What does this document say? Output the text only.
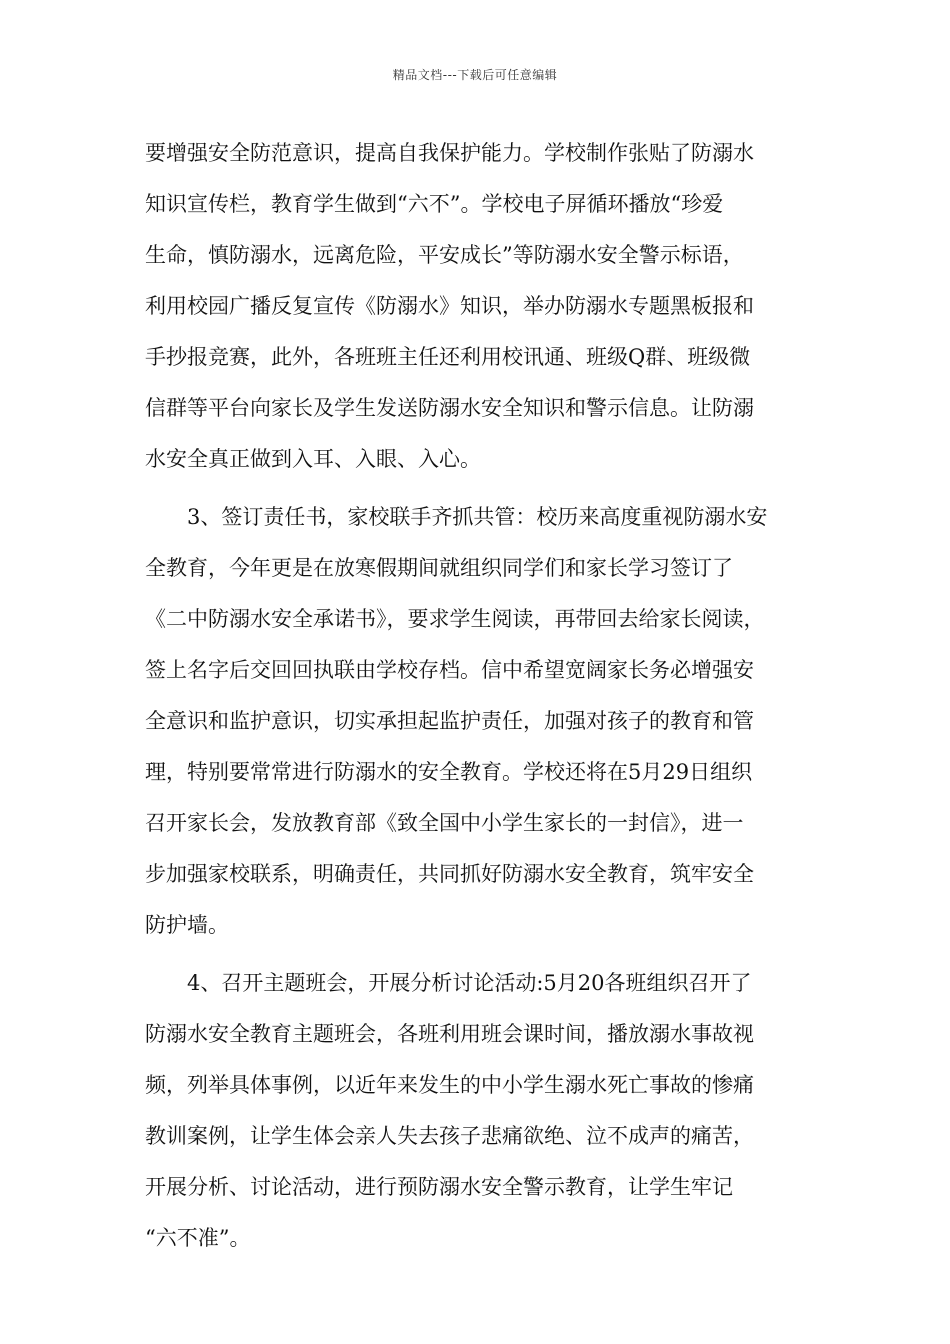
精品文档---下载后可任意编辑
要增强安全防范意识，提高自我保护能力。学校制作张贴了防溺水
知识宣传栏，教育学生做到“六不”。学校电子屏循环播放“珍爱
生命，慎防溺水，远离危险，平安成长”等防溺水安全警示标语，
利用校园广播反复宣传《防溺水》知识，举办防溺水专题黑板报和
手抄报竞赛，此外，各班班主任还利用校讯通、班级Q群、班级微
信群等平台向家长及学生发送防溺水安全知识和警示信息。让防溺
水安全真正做到入耳、入眼、入心。
3、签订责任书，家校联手齐抓共管：校历来高度重视防溺水安
全教育，今年更是在放寒假期间就组织同学们和家长学习签订了
《二中防溺水安全承诺书》，要求学生阅读，再带回去给家长阅读，
签上名字后交回回执联由学校存档。信中希望宽阔家长务必增强安
全意识和监护意识，切实承担起监护责任，加强对孩子的教育和管
理，特别要常常进行防溺水的安全教育。学校还将在5月29日组织
召开家长会，发放教育部《致全国中小学生家长的一封信》，进一
步加强家校联系，明确责任，共同抓好防溺水安全教育，筑牢安全
防护墙。
4、召开主题班会，开展分析讨论活动:5月20各班组织召开了
防溺水安全教育主题班会，各班利用班会课时间，播放溺水事故视
频，列举具体事例，以近年来发生的中小学生溺水死亡事故的惨痛
教训案例，让学生体会亲人失去孩子悲痛欲绝、泣不成声的痛苦，
开展分析、讨论活动，进行预防溺水安全警示教育，让学生牢记
“六不准”。
